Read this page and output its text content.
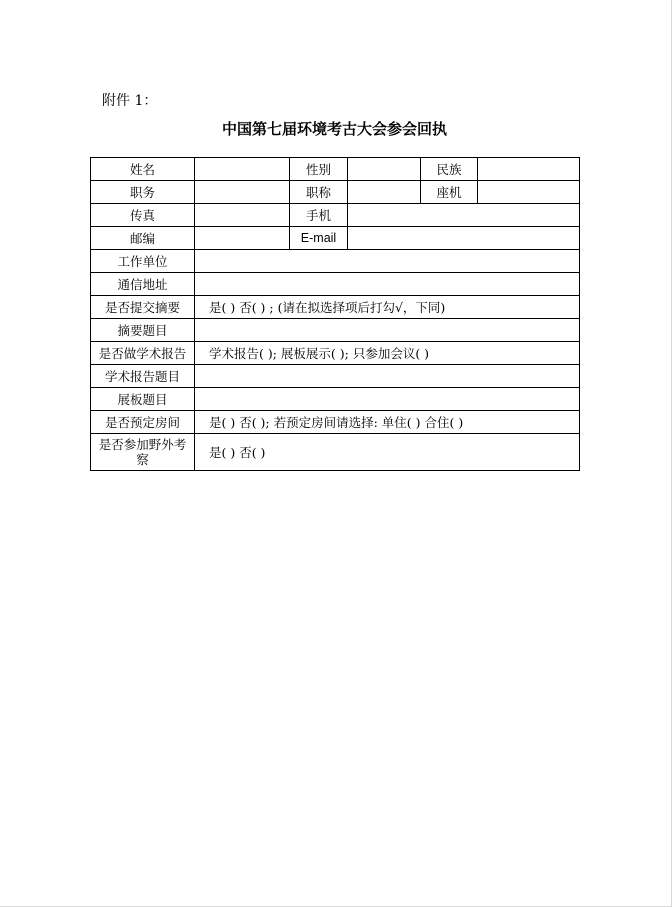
附件 1：
中国第七届环境考古大会参会回执
姓名		性别		民族	
职务		职称		座机	
传真		手机			
邮编		E-mail			
工作单位					
通信地址					
是否提交摘要	是( ) 否( ) ; (请在拟选择项后打勾√，下同)				
摘要题目					
是否做学术报告	学术报告( ); 展板展示( ); 只参加会议( )				
学术报告题目					
展板题目					
是否预定房间	是( ) 否( ); 若预定房间请选择: 单住( ) 合住( )				
是否参加野外考察	是( ) 否( )				
